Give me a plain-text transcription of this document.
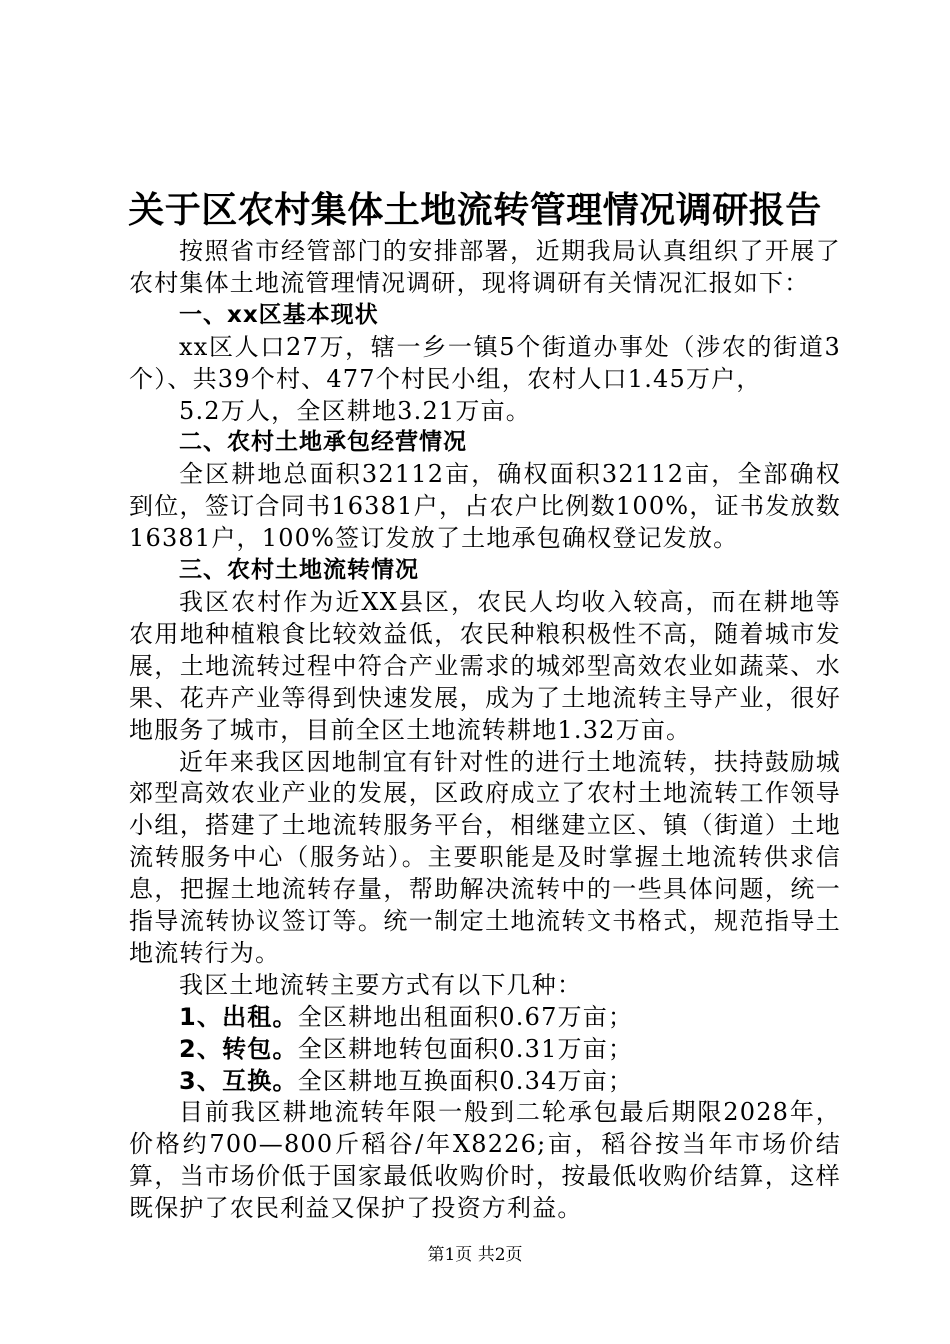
关于区农村集体土地流转管理情况调研报告

按照省市经管部门的安排部署，近期我局认真组织了开展了农村集体土地流管理情况调研，现将调研有关情况汇报如下：

一、xx区基本现状

xx区人口27万，辖一乡一镇5个街道办事处（涉农的街道3个）、共39个村、477个村民小组，农村人口1.45万户，

5.2万人，全区耕地3.21万亩。

二、农村土地承包经营情况

全区耕地总面积32112亩，确权面积32112亩，全部确权到位，签订合同书16381户，占农户比例数100%，证书发放数16381户，100%签订发放了土地承包确权登记发放。

三、农村土地流转情况

我区农村作为近XX县区，农民人均收入较高，而在耕地等农用地种植粮食比较效益低，农民种粮积极性不高，随着城市发展，土地流转过程中符合产业需求的城郊型高效农业如蔬菜、水果、花卉产业等得到快速发展，成为了土地流转主导产业，很好地服务了城市，目前全区土地流转耕地1.32万亩。

近年来我区因地制宜有针对性的进行土地流转，扶持鼓励城郊型高效农业产业的发展，区政府成立了农村土地流转工作领导小组，搭建了土地流转服务平台，相继建立区、镇（街道）土地流转服务中心（服务站）。主要职能是及时掌握土地流转供求信息，把握土地流转存量，帮助解决流转中的一些具体问题，统一指导流转协议签订等。统一制定土地流转文书格式，规范指导土地流转行为。

我区土地流转主要方式有以下几种：

1、出租。全区耕地出租面积0.67万亩；
2、转包。全区耕地转包面积0.31万亩；
3、互换。全区耕地互换面积0.34万亩；

目前我区耕地流转年限一般到二轮承包最后期限2028年，价格约700—800斤稻谷/年X8226;亩，稻谷按当年市场价结算，当市场价低于国家最低收购价时，按最低收购价结算，这样既保护了农民利益又保护了投资方利益。

第1页 共2页
